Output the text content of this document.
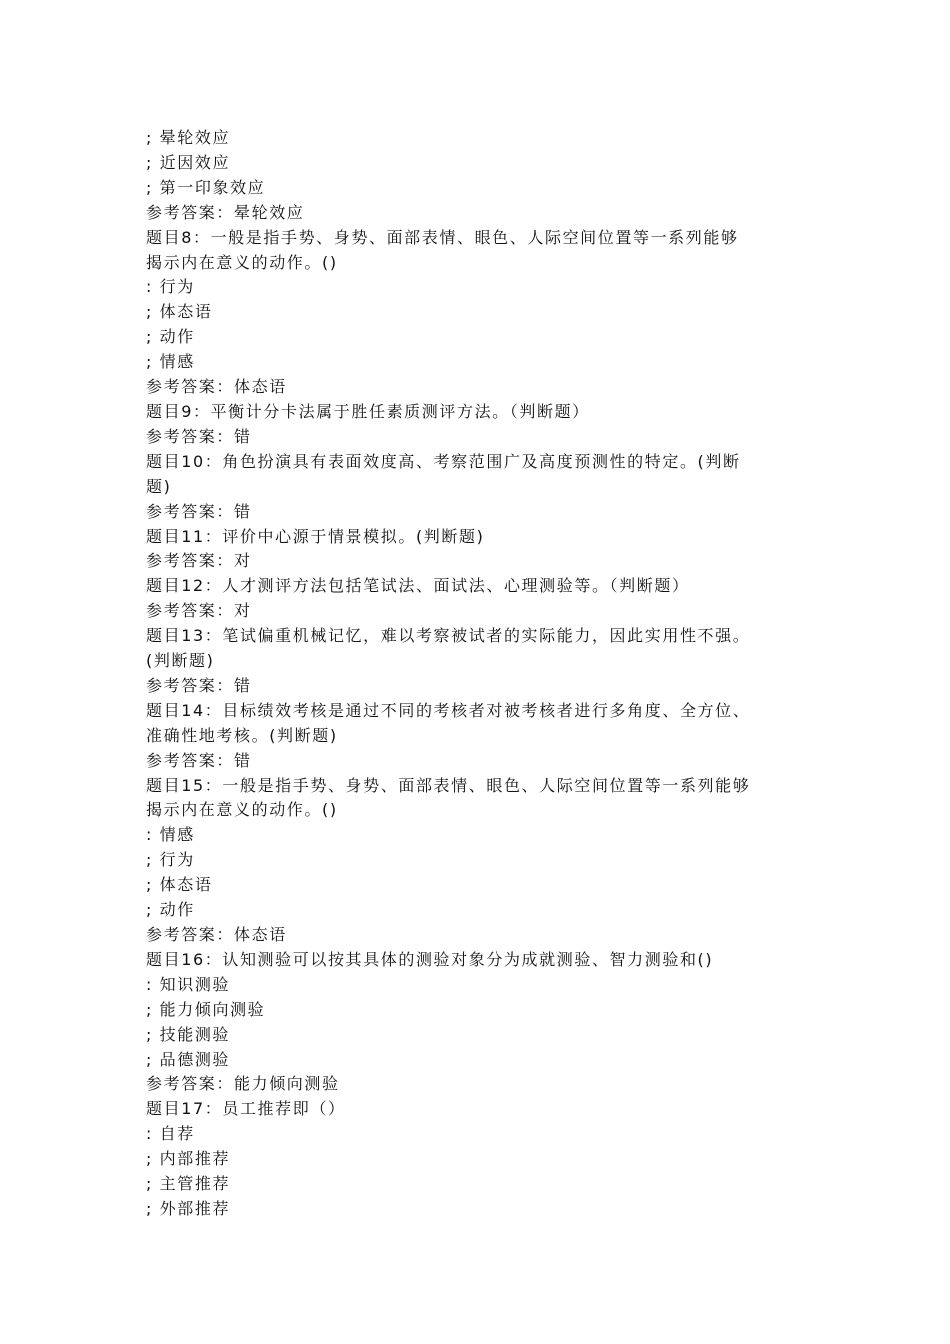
; 晕轮效应
; 近因效应
; 第一印象效应
参考答案：晕轮效应
题目8：一般是指手势、身势、面部表情、眼色、人际空间位置等一系列能够
揭示内在意义的动作。()
: 行为
; 体态语
; 动作
; 情感
参考答案：体态语
题目9：平衡计分卡法属于胜任素质测评方法。（判断题）
参考答案：错
题目10：角色扮演具有表面效度高、考察范围广及高度预测性的特定。(判断
题)
参考答案：错
题目11：评价中心源于情景模拟。(判断题)
参考答案：对
题目12：人才测评方法包括笔试法、面试法、心理测验等。（判断题）
参考答案：对
题目13：笔试偏重机械记忆，难以考察被试者的实际能力，因此实用性不强。
(判断题)
参考答案：错
题目14：目标绩效考核是通过不同的考核者对被考核者进行多角度、全方位、
准确性地考核。(判断题)
参考答案：错
题目15：一般是指手势、身势、面部表情、眼色、人际空间位置等一系列能够
揭示内在意义的动作。()
: 情感
; 行为
; 体态语
; 动作
参考答案：体态语
题目16：认知测验可以按其具体的测验对象分为成就测验、智力测验和()
: 知识测验
; 能力倾向测验
; 技能测验
; 品德测验
参考答案：能力倾向测验
题目17：员工推荐即（）
: 自荐
; 内部推荐
; 主管推荐
; 外部推荐
